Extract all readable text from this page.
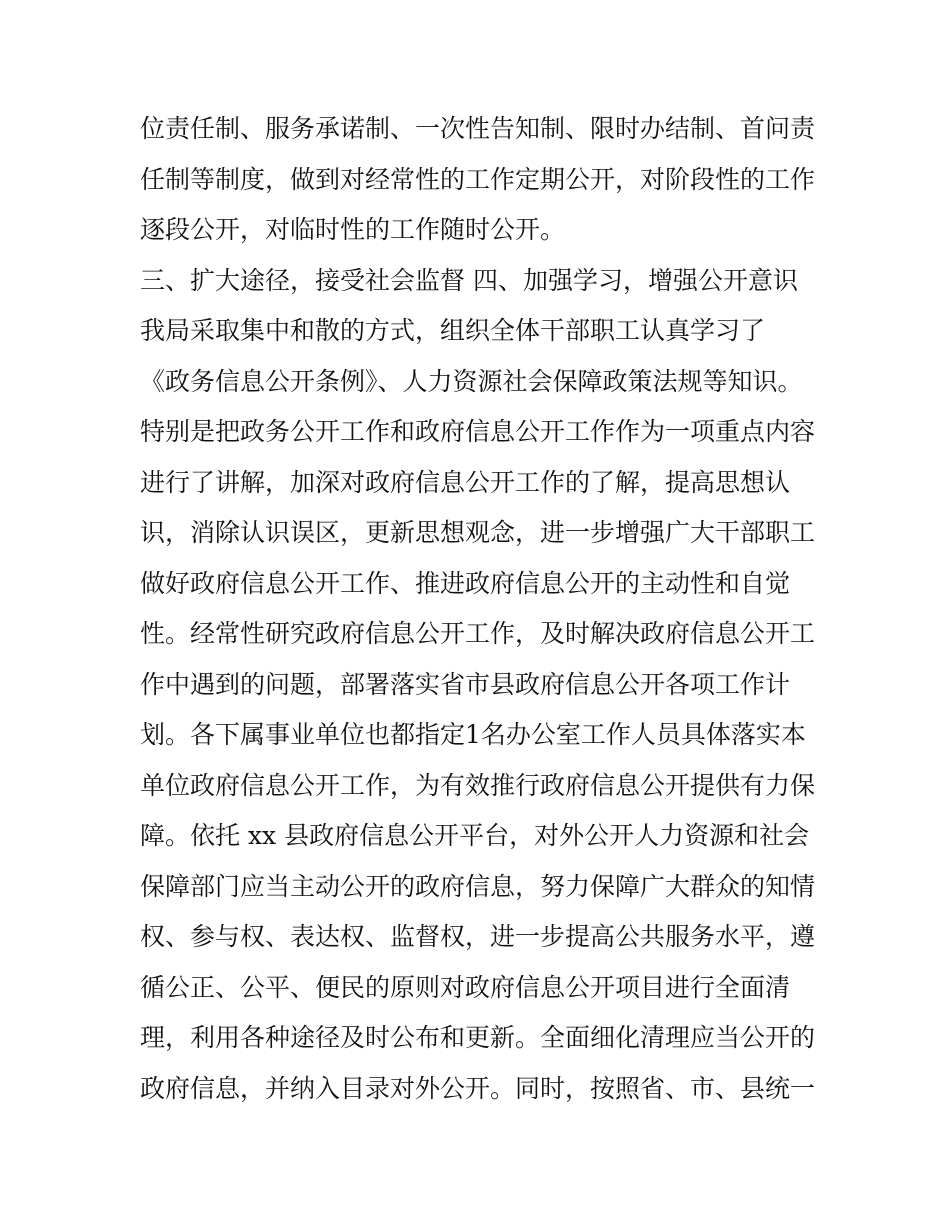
位责任制、服务承诺制、一次性告知制、限时办结制、首问责
任制等制度，做到对经常性的工作定期公开，对阶段性的工作
逐段公开，对临时性的工作随时公开。
三、扩大途径，接受社会监督 四、加强学习，增强公开意识
我局采取集中和散的方式，组织全体干部职工认真学习了
《政务信息公开条例》、人力资源社会保障政策法规等知识。
特别是把政务公开工作和政府信息公开工作作为一项重点内容
进行了讲解，加深对政府信息公开工作的了解，提高思想认
识，消除认识误区，更新思想观念，进一步增强广大干部职工
做好政府信息公开工作、推进政府信息公开的主动性和自觉
性。经常性研究政府信息公开工作，及时解决政府信息公开工
作中遇到的问题，部署落实省市县政府信息公开各项工作计
划。各下属事业单位也都指定1名办公室工作人员具体落实本
单位政府信息公开工作，为有效推行政府信息公开提供有力保
障。依托 xx 县政府信息公开平台，对外公开人力资源和社会
保障部门应当主动公开的政府信息，努力保障广大群众的知情
权、参与权、表达权、监督权，进一步提高公共服务水平，遵
循公正、公平、便民的原则对政府信息公开项目进行全面清
理，利用各种途径及时公布和更新。全面细化清理应当公开的
政府信息，并纳入目录对外公开。同时，按照省、市、县统一
